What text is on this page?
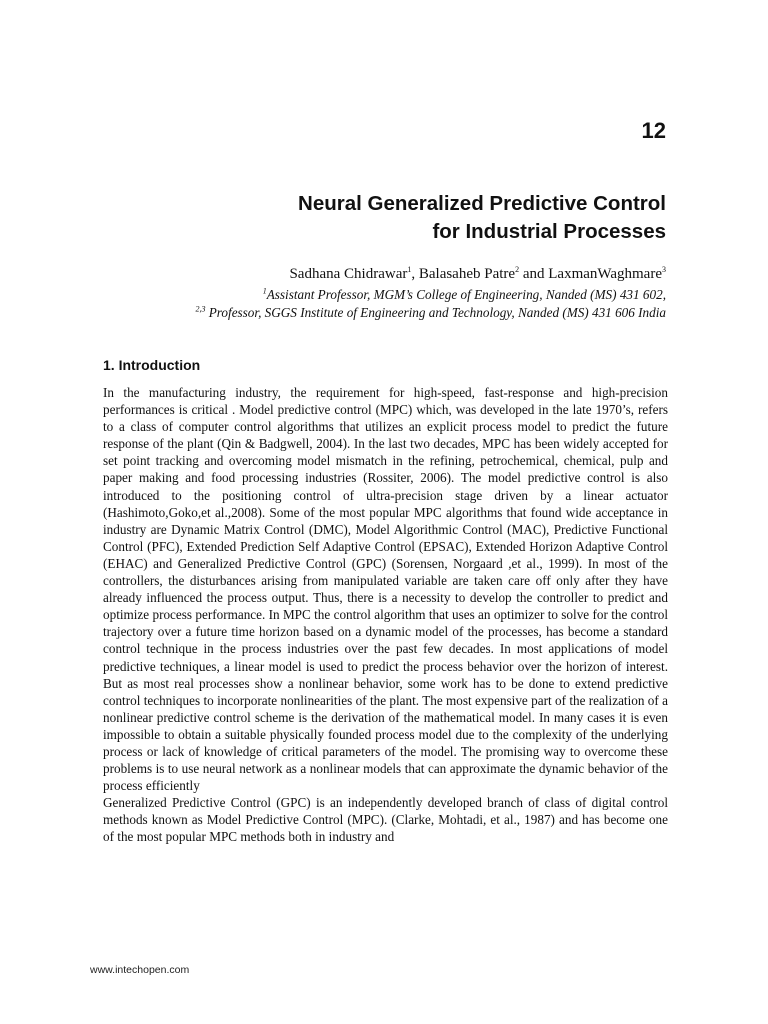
12
Neural Generalized Predictive Control
for Industrial Processes
Sadhana Chidrawar$^1$, Balasaheb Patre$^2$ and LaxmanWaghmare$^3$
$^1$Assistant Professor, MGM’s College of Engineering, Nanded (MS) 431 602,
$^{2,3}$ Professor, SGGS Institute of Engineering and Technology, Nanded (MS) 431 606 India
1. Introduction

In the manufacturing industry, the requirement for high-speed, fast-response and high-precision performances is critical . Model predictive control (MPC) which, was developed in the late 1970’s, refers to a class of computer control algorithms that utilizes an explicit process model to predict the future response of the plant (Qin & Badgwell, 2004). In the last two decades, MPC has been widely accepted for set point tracking and overcoming model mismatch in the refining, petrochemical, chemical, pulp and paper making and food processing industries (Rossiter, 2006). The model predictive control is also introduced to the positioning control of ultra-precision stage driven by a linear actuator (Hashimoto,Goko,et al.,2008). Some of the most popular MPC algorithms that found wide acceptance in industry are Dynamic Matrix Control (DMC), Model Algorithmic Control (MAC), Predictive Functional Control (PFC), Extended Prediction Self Adaptive Control (EPSAC), Extended Horizon Adaptive Control (EHAC) and Generalized Predictive Control (GPC) (Sorensen, Norgaard ,et al., 1999). In most of the controllers, the disturbances arising from manipulated variable are taken care off only after they have already influenced the process output. Thus, there is a necessity to develop the controller to predict and optimize process performance. In MPC the control algorithm that uses an optimizer to solve for the control trajectory over a future time horizon based on a dynamic model of the processes, has become a standard control technique in the process industries over the past few decades. In most applications of model predictive techniques, a linear model is used to predict the process behavior over the horizon of interest. But as most real processes show a nonlinear behavior, some work has to be done to extend predictive control techniques to incorporate nonlinearities of the plant. The most expensive part of the realization of a nonlinear predictive control scheme is the derivation of the mathematical model. In many cases it is even impossible to obtain a suitable physically founded process model due to the complexity of the underlying process or lack of knowledge of critical parameters of the model. The promising way to overcome these problems is to use neural network as a nonlinear models that can approximate the dynamic behavior of the process efficiently

Generalized Predictive Control (GPC) is an independently developed branch of class of digital control methods known as Model Predictive Control (MPC). (Clarke, Mohtadi, et al., 1987) and has become one of the most popular MPC methods both in industry and

www.intechopen.com
